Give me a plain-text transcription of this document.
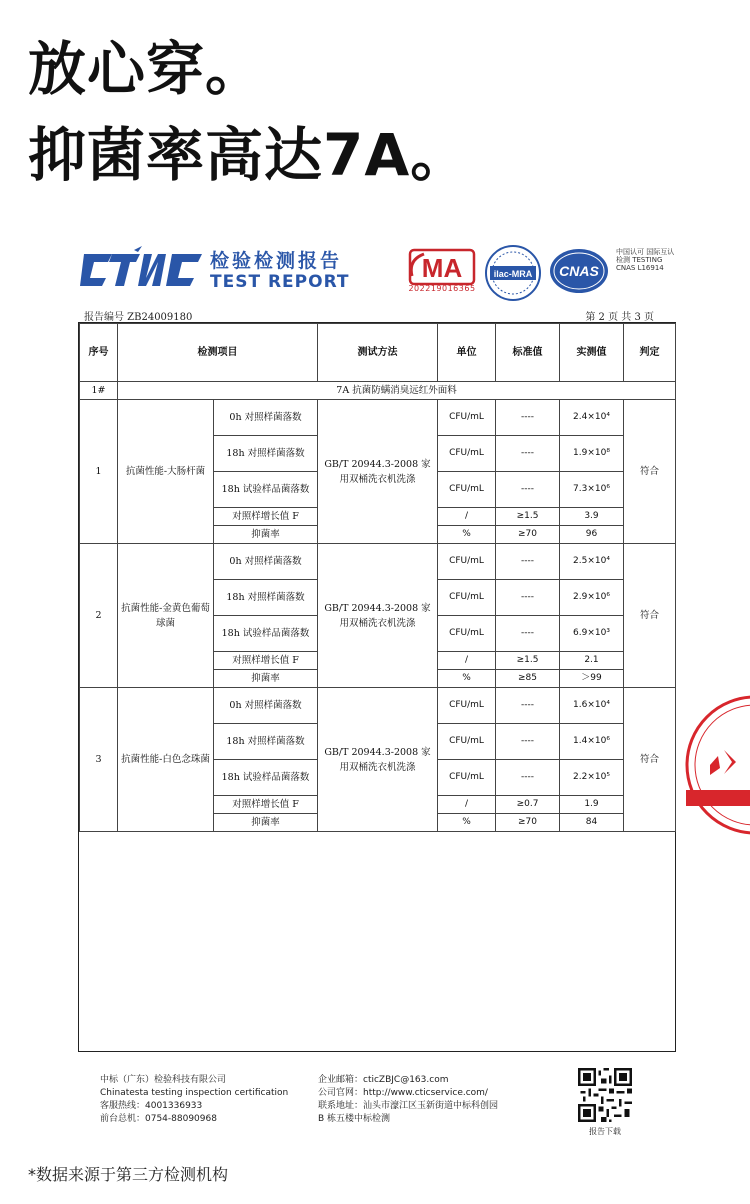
放心穿。
抑菌率高达7A。
检验检测报告
TEST REPORT	MA
202219016365
ilac-MRA CNAS
中国认可 国际互认 检测 TESTING CNAS L16914
报告编号 ZB24009180	第 2 页 共 3 页
序号	检测项目		测试方法	单位	标准值	实测值	判定
1#	7A 抗菌防螨消臭远红外面料						
1	抗菌性能-大肠杆菌	0h 对照样菌落数	GB/T 20944.3-2008 家用双桶洗衣机洗涤	CFU/mL	----	2.4×10⁴	符合
		18h 对照样菌落数		CFU/mL	----	1.9×10⁸	
		18h 试验样品菌落数		CFU/mL	----	7.3×10⁶	
		对照样增长值 F		/	≥1.5	3.9	
		抑菌率		%	≥70	96	
2	抗菌性能-金黄色葡萄球菌	0h 对照样菌落数	GB/T 20944.3-2008 家用双桶洗衣机洗涤	CFU/mL	----	2.5×10⁴	符合
		18h 对照样菌落数		CFU/mL	----	2.9×10⁶	
		18h 试验样品菌落数		CFU/mL	----	6.9×10³	
		对照样增长值 F		/	≥1.5	2.1	
		抑菌率		%	≥85	＞99	
3	抗菌性能-白色念珠菌	0h 对照样菌落数	GB/T 20944.3-2008 家用双桶洗衣机洗涤	CFU/mL	----	1.6×10⁴	符合
		18h 对照样菌落数		CFU/mL	----	1.4×10⁶	
		18h 试验样品菌落数		CFU/mL	----	2.2×10⁵	
		对照样增长值 F		/	≥0.7	1.9	
		抑菌率		%	≥70	84	

中标（广东）检验科技有限公司
Chinatesta testing inspection certification
客服热线：4001336933
前台总机：0754-88090968
企业邮箱：cticZBJC@163.com
公司官网：http://www.cticservice.com/
联系地址：汕头市濠江区玉新街道中标科创园
B 栋五楼中标检测
报告下载
*数据来源于第三方检测机构
